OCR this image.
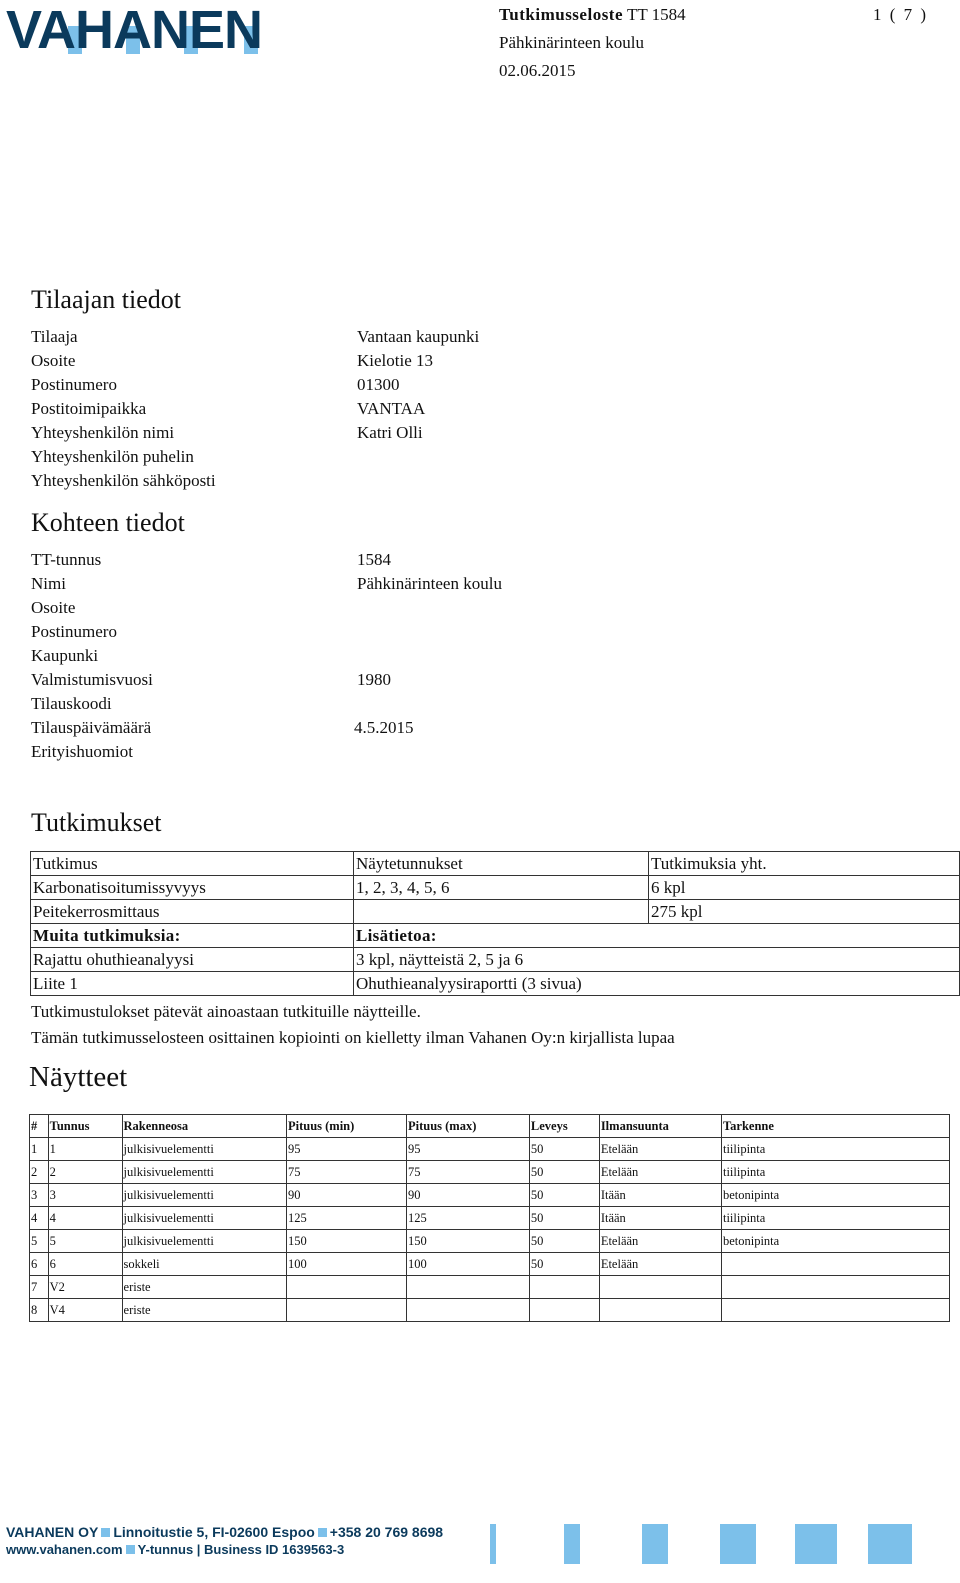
VAHANEN	Tutkimusseloste TT 1584
Pähkinärinteen koulu
02.06.2015
1 ( 7 )
Tilaajan tiedot
Tilaaja	Vantaan kaupunki
Osoite	Kielotie 13
Postinumero	01300
Postitoimipaikka	VANTAA
Yhteyshenkilön nimi	Katri Olli
Yhteyshenkilön puhelin
Yhteyshenkilön sähköposti
Kohteen tiedot
TT-tunnus	1584
Nimi	Pähkinärinteen koulu
Osoite
Postinumero
Kaupunki
Valmistumisvuosi	1980
Tilauskoodi
Tilauspäivämäärä	4.5.2015
Erityishuomiot
Tutkimukset
Tutkimus	Näytetunnukset	Tutkimuksia yht.
Karbonatisoitumissyvyys	1, 2, 3, 4, 5, 6	6 kpl
Peitekerrosmittaus		275 kpl
Muita tutkimuksia:	Lisätietoa:	
Rajattu ohuthieanalyysi	3 kpl, näytteistä 2, 5 ja 6	
Liite 1	Ohuthieanalyysiraportti (3 sivua)	
Tutkimustulokset pätevät ainoastaan tutkituille näytteille.
Tämän tutkimusselosteen osittainen kopiointi on kielletty ilman Vahanen Oy:n kirjallista lupaa
Näytteet
#	Tunnus	Rakenneosa	Pituus (min)	Pituus (max)	Leveys	Ilmansuunta	Tarkenne
1	1	julkisivuelementti	95	95	50	Etelään	tiilipinta
2	2	julkisivuelementti	75	75	50	Etelään	tiilipinta
3	3	julkisivuelementti	90	90	50	Itään	betonipinta
4	4	julkisivuelementti	125	125	50	Itään	tiilipinta
5	5	julkisivuelementti	150	150	50	Etelään	betonipinta
6	6	sokkeli	100	100	50	Etelään	
7	V2	eriste					
8	V4	eriste					
VAHANEN OY Linnoitustie 5, FI-02600 Espoo +358 20 769 8698
www.vahanen.com Y-tunnus | Business ID 1639563-3
